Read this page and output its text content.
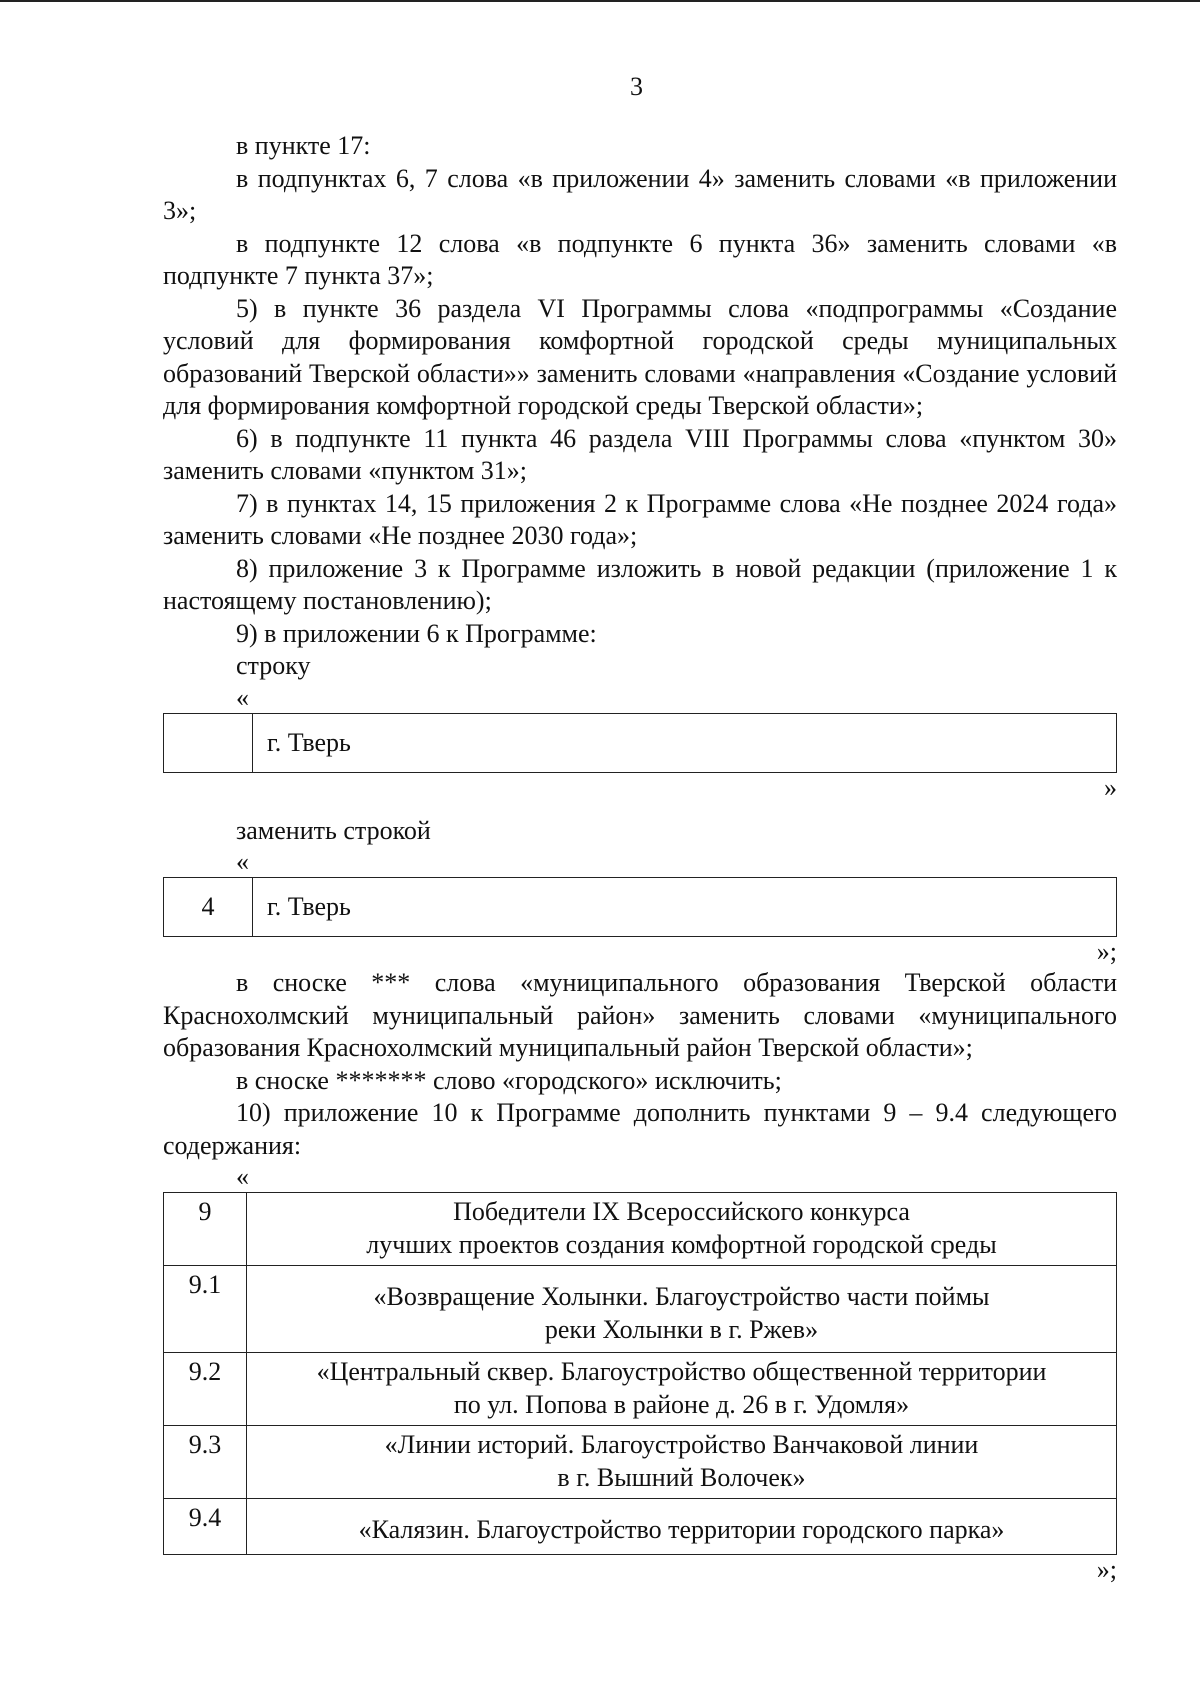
3

в пункте 17:

в подпунктах 6, 7 слова «в приложении 4» заменить словами «в приложении 3»;

в подпункте 12 слова «в подпункте 6 пункта 36» заменить словами «в подпункте 7 пункта 37»;

5) в пункте 36 раздела VI Программы слова «подпрограммы «Создание условий для формирования комфортной городской среды муниципальных образований Тверской области»» заменить словами «направления «Создание условий для формирования комфортной городской среды Тверской области»;

6) в подпункте 11 пункта 46 раздела VIII Программы слова «пунктом 30» заменить словами «пунктом 31»;

7) в пунктах 14, 15 приложения 2 к Программе слова «Не позднее 2024 года» заменить словами «Не позднее 2030 года»;

8) приложение 3 к Программе изложить в новой редакции (приложение 1 к настоящему постановлению);

9) в приложении 6 к Программе:

строку

«
	г. Тверь
»

заменить строкой

«
4	г. Тверь
»;

в сноске *** слова «муниципального образования Тверской области Краснохолмский муниципальный район» заменить словами «муниципального образования Краснохолмский муниципальный район Тверской области»;

в сноске ******* слово «городского» исключить;

10) приложение 10 к Программе дополнить пунктами 9 – 9.4 следующего содержания:

«
9	Победители IX Всероссийского конкурса
лучших проектов создания комфортной городской среды

9.1	«Возвращение Холынки. Благоустройство части поймы
реки Холынки в г. Ржев»

9.2	«Центральный сквер. Благоустройство общественной территории
по ул. Попова в районе д. 26 в г. Удомля»

9.3	«Линии историй. Благоустройство Ванчаковой линии
в г. Вышний Волочек»

9.4	«Калязин. Благоустройство территории городского парка»
»;
